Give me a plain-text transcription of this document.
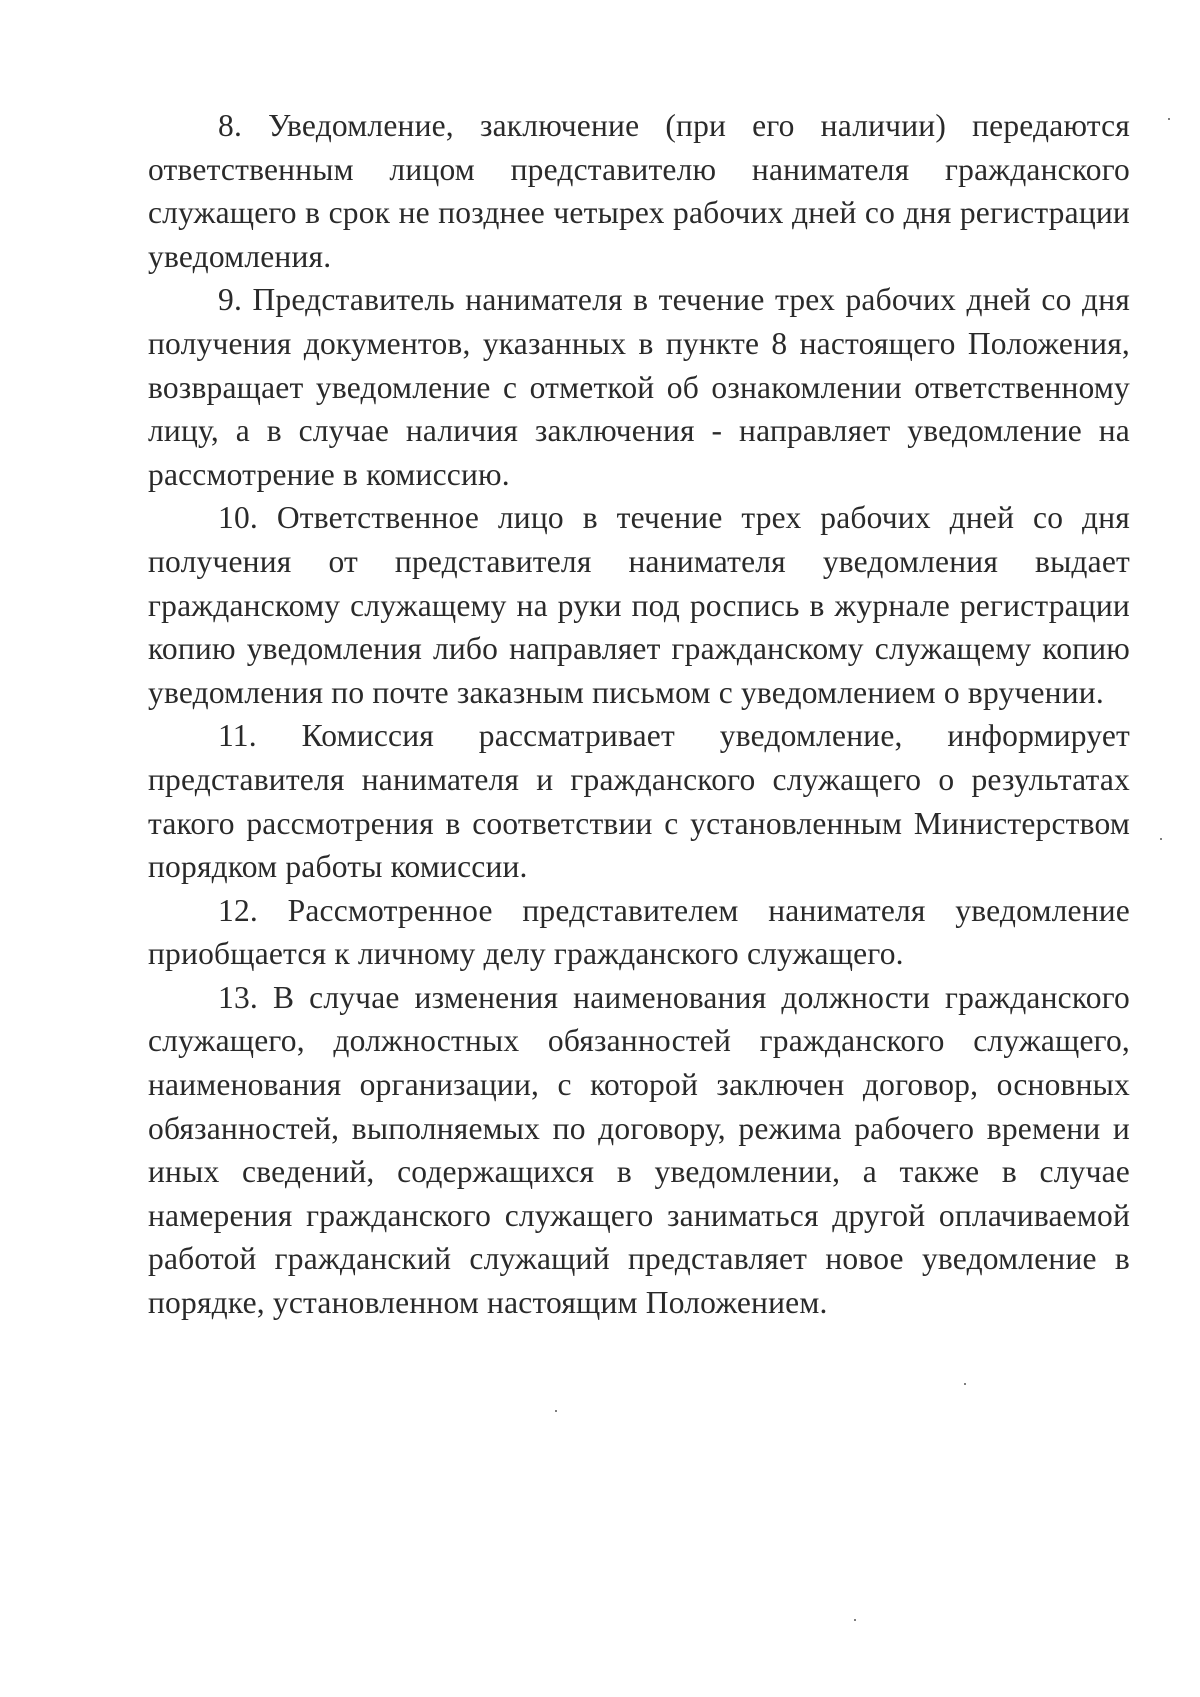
8. Уведомление, заключение (при его наличии) передаются ответственным лицом представителю нанимателя гражданского служащего в срок не позднее четырех рабочих дней со дня регистрации уведомления.

9. Представитель нанимателя в течение трех рабочих дней со дня получения документов, указанных в пункте 8 настоящего Положения, возвращает уведомление с отметкой об ознакомлении ответственному лицу, а в случае наличия заключения - направляет уведомление на рассмотрение в комиссию.

10. Ответственное лицо в течение трех рабочих дней со дня получения от представителя нанимателя уведомления выдает гражданскому служащему на руки под роспись в журнале регистрации копию уведомления либо направляет гражданскому служащему копию уведомления по почте заказным письмом с уведомлением о вручении.

11. Комиссия рассматривает уведомление, информирует представителя нанимателя и гражданского служащего о результатах такого рассмотрения в соответствии с установленным Министерством порядком работы комиссии.

12. Рассмотренное представителем нанимателя уведомление приобщается к личному делу гражданского служащего.

13. В случае изменения наименования должности гражданского служащего, должностных обязанностей гражданского служащего, наименования организации, с которой заключен договор, основных обязанностей, выполняемых по договору, режима рабочего времени и иных сведений, содержащихся в уведомлении, а также в случае намерения гражданского служащего заниматься другой оплачиваемой работой гражданский служащий представляет новое уведомление в порядке, установленном настоящим Положением.
